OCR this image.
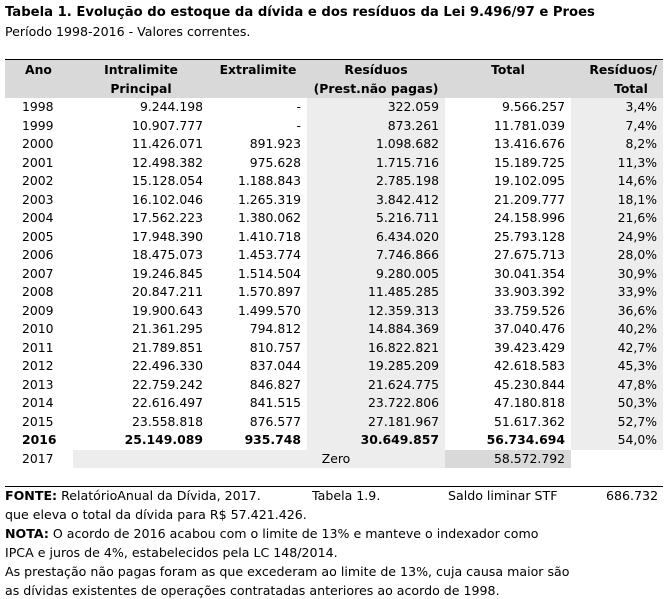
Tabela 1. Evolução do estoque da dívida e dos resíduos da Lei 9.496/97 e Proes
Período 1998-2016 - Valores correntes.
Ano	Intralimite	Extralimite	Resíduos	Total	Resíduos/
	Principal		(Prest.não pagas)		Total
1998	9.244.198	-	322.059	9.566.257	3,4%
1999	10.907.777	-	873.261	11.781.039	7,4%
2000	11.426.071	891.923	1.098.682	13.416.676	8,2%
2001	12.498.382	975.628	1.715.716	15.189.725	11,3%
2002	15.128.054	1.188.843	2.785.198	19.102.095	14,6%
2003	16.102.046	1.265.319	3.842.412	21.209.777	18,1%
2004	17.562.223	1.380.062	5.216.711	24.158.996	21,6%
2005	17.948.390	1.410.718	6.434.020	25.793.128	24,9%
2006	18.475.073	1.453.774	7.746.866	27.675.713	28,0%
2007	19.246.845	1.514.504	9.280.005	30.041.354	30,9%
2008	20.847.211	1.570.897	11.485.285	33.903.392	33,9%
2009	19.900.643	1.499.570	12.359.313	33.759.526	36,6%
2010	21.361.295	794.812	14.884.369	37.040.476	40,2%
2011	21.789.851	810.757	16.822.821	39.423.429	42,7%
2012	22.496.330	837.044	19.285.209	42.618.583	45,3%
2013	22.759.242	846.827	21.624.775	45.230.844	47,8%
2014	22.616.497	841.515	23.722.806	47.180.818	50,3%
2015	23.558.818	876.577	27.181.967	51.617.362	52,7%
2016	25.149.089	935.748	30.649.857	56.734.694	54,0%
2017	Zero			58.572.792	
FONTE: RelatórioAnual da Dívida, 2017.	Tabela 1.9.	Saldo liminar STF	686.732
que eleva o total da dívida para R$ 57.421.426.
NOTA: O acordo de 2016 acabou com o limite de 13% e manteve o indexador como
IPCA e juros de 4%, estabelecidos pela LC 148/2014.
As prestação não pagas foram as que excederam ao limite de 13%, cuja causa maior são
as dívidas existentes de operações contratadas anteriores ao acordo de 1998.
